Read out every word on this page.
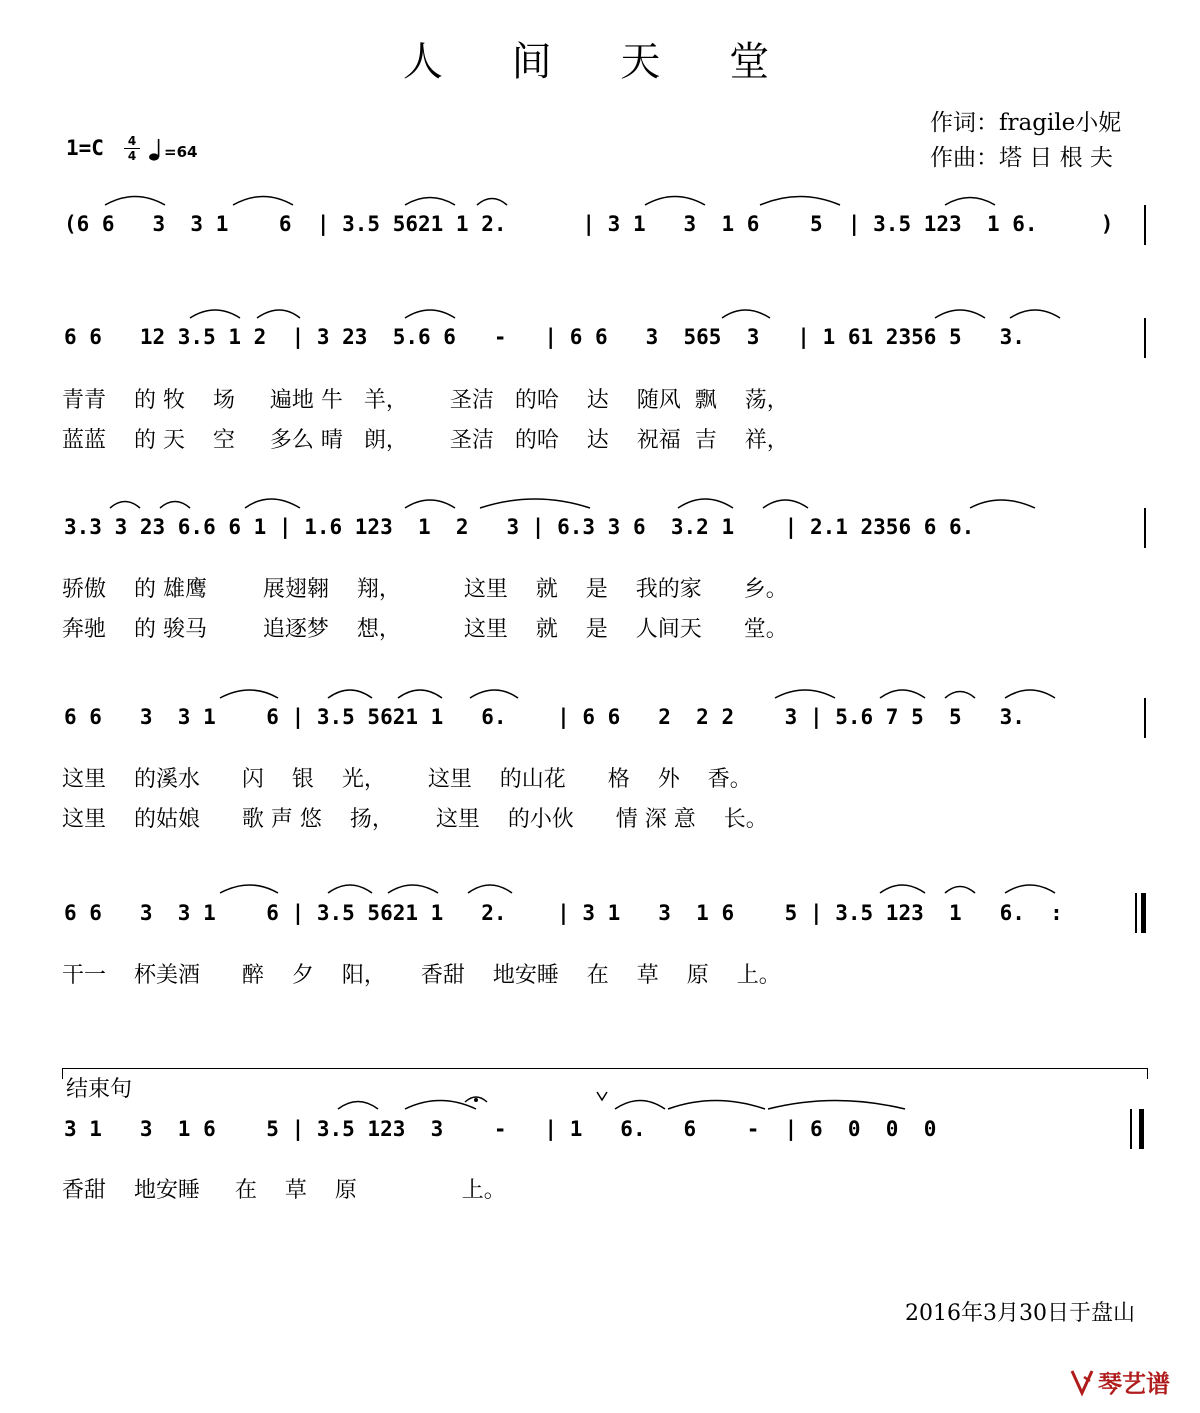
人 间 天 堂
作词：fragile小妮
作曲：塔 日 根 夫
1=C	4
4 =64
(6 6   3  3 1    6  | 3.5 5621 1 2.      | 3 1   3  1 6    5  | 3.5 123  1 6.     )
6 6   12 3.5 1 2  | 3 23  5.6 6   -   | 6 6   3  565  3   | 1 61 2356 5   3.
青青    的 牧    场     遍地 牛   羊，      圣洁   的哈    达    随风  飘    荡，
蓝蓝    的 天    空     多么 晴   朗，      圣洁   的哈    达    祝福  吉    祥，
3.3 3 23 6.6 6 1 | 1.6 123  1  2   3 | 6.3 3 6  3.2 1    | 2.1 2356 6 6.
骄傲    的 雄鹰        展翅翱    翔，         这里    就    是    我的家      乡。
奔驰    的 骏马        追逐梦    想，         这里    就    是    人间天      堂。
6 6   3  3 1    6 | 3.5 5621 1   6.    | 6 6   2  2 2    3 | 5.6 7 5  5   3.
这里    的溪水      闪    银    光，      这里    的山花      格    外    香。
这里    的姑娘      歌 声 悠    扬，      这里    的小伙      情 深 意    长。
6 6   3  3 1    6 | 3.5 5621 1   2.    | 3 1   3  1 6    5 | 3.5 123  1   6.  :
干一    杯美酒      醉    夕    阳，     香甜    地安睡    在    草    原    上。
结束句
3 1   3  1 6    5 | 3.5 123  3    -   | 1   6.   6    -  | 6  0  0  0
香甜    地安睡     在    草    原               上。
2016年3月30日于盘山
琴艺谱
